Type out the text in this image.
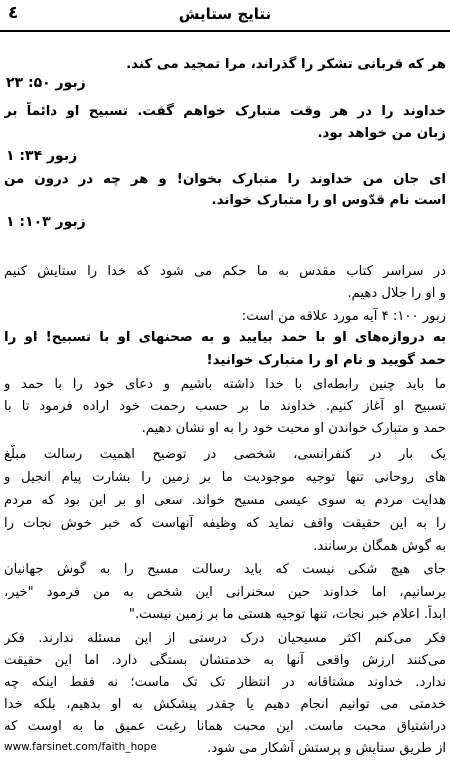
٤	نتایج ستایش

هر که قربانی تشکر را گذراند، مرا تمجید می کند.

زبور ۵۰: ۲۳

خداوند را در هر وقت متبارک خواهم گفت. تسبیح او دائماً بر

زبان من خواهد بود.

زبور ۳۴: ۱

ای جان من خداوند را متبارک بخوان! و هر چه در درون من

است نام قدّوس او را متبارک خواند.

زبور ۱۰۳: ۱

در سراسر کتاب مقدس به ما حکم می شود که خدا را ستایش کنیم

و او را جلال دهیم.

زبور ۱۰۰: ۴ آیه مورد علاقه من است:

به دروازه‌های او با حمد بیایید و به صحنهای او با تسبیح! او را

حمد گویید و نام او را متبارک خوانید!

ما باید چنین رابطه‌ای با خدا داشته باشیم و دعای خود را با حمد و

تسبیح او آغاز کنیم. خداوند ما بر حسب رحمت خود اراده فرمود تا با

حمد و متبارک خواندن او محبت خود را به او نشان دهیم.

یک بار در کنفرانسی، شخصی در توضیح اهمیت رسالت مبلّغ

های روحانی تنها توجیه موجودیت ما بر زمین را بشارت پیام انجیل و

هدایت مردم به سوی عیسی مسیح خواند. سعی او بر این بود که مردم

را به این حقیقت واقف نماید که وظیفه آنهاست که خبر خوش نجات را

به گوش همگان برسانند.

جای هیچ شکی نیست که باید رسالت مسیح را به گوش جهانیان

برسانیم، اما خداوند حین سخنرانی این شخص به من فرمود "خیر،

ابداً. اعلام خبر نجات، تنها توجیه هستی ما بر زمین نیست."

فکر می‌کنم اکثر مسیحیان درک درستی از این مسئله ندارند. فکر

می‌کنند ارزش واقعی آنها به خدمتشان بستگی دارد. اما این حقیقت

ندارد. خداوند مشتاقانه در انتظار تک تک ماست؛ نه فقط اینکه چه

خدمتی می توانیم انجام دهیم یا چقدر پیشکش به او بدهیم، بلکه خدا

دراشتیاق محبت ماست. این محبت همانا رغبت عمیق ما به اوست که

از طریق ستایش و پرستش آشکار می شود.

www.farsinet.com/faith_hope
